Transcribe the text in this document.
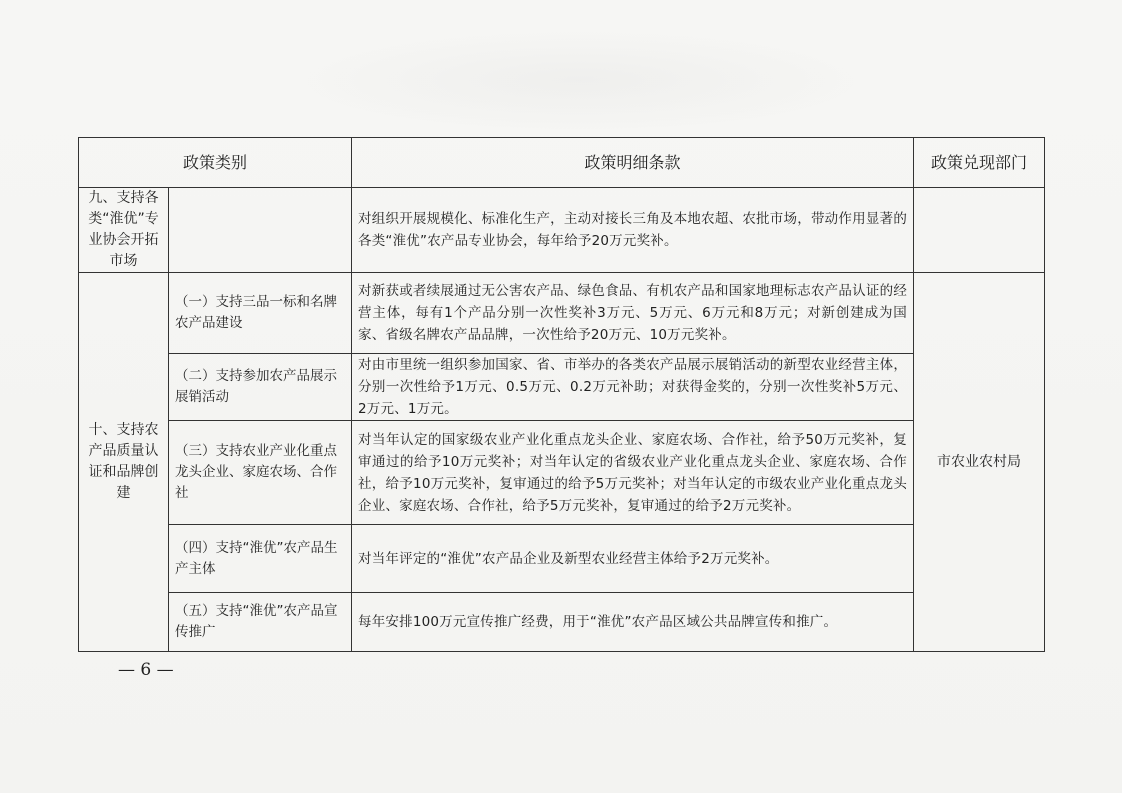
政策类别		政策明细条款	政策兑现部门
九、支持各类“淮优”专业协会开拓市场		对组织开展规模化、标准化生产，主动对接长三角及本地农超、农批市场，带动作用显著的各类“淮优”农产品专业协会，每年给予20万元奖补。	
十、支持农产品质量认证和品牌创建	（一）支持三品一标和名牌农产品建设	对新获或者续展通过无公害农产品、绿色食品、有机农产品和国家地理标志农产品认证的经营主体，每有1个产品分别一次性奖补3万元、5万元、6万元和8万元；对新创建成为国家、省级名牌农产品品牌，一次性给予20万元、10万元奖补。	市农业农村局
	（二）支持参加农产品展示展销活动	对由市里统一组织参加国家、省、市举办的各类农产品展示展销活动的新型农业经营主体，分别一次性给予1万元、0.5万元、0.2万元补助；对获得金奖的，分别一次性奖补5万元、2万元、1万元。	
	（三）支持农业产业化重点龙头企业、家庭农场、合作社	对当年认定的国家级农业产业化重点龙头企业、家庭农场、合作社，给予50万元奖补，复审通过的给予10万元奖补；对当年认定的省级农业产业化重点龙头企业、家庭农场、合作社，给予10万元奖补，复审通过的给予5万元奖补；对当年认定的市级农业产业化重点龙头企业、家庭农场、合作社，给予5万元奖补，复审通过的给予2万元奖补。	
	（四）支持“淮优”农产品生产主体	对当年评定的“淮优”农产品企业及新型农业经营主体给予2万元奖补。	
	（五）支持“淮优”农产品宣传推广	每年安排100万元宣传推广经费，用于“淮优”农产品区域公共品牌宣传和推广。	
— 6 —
